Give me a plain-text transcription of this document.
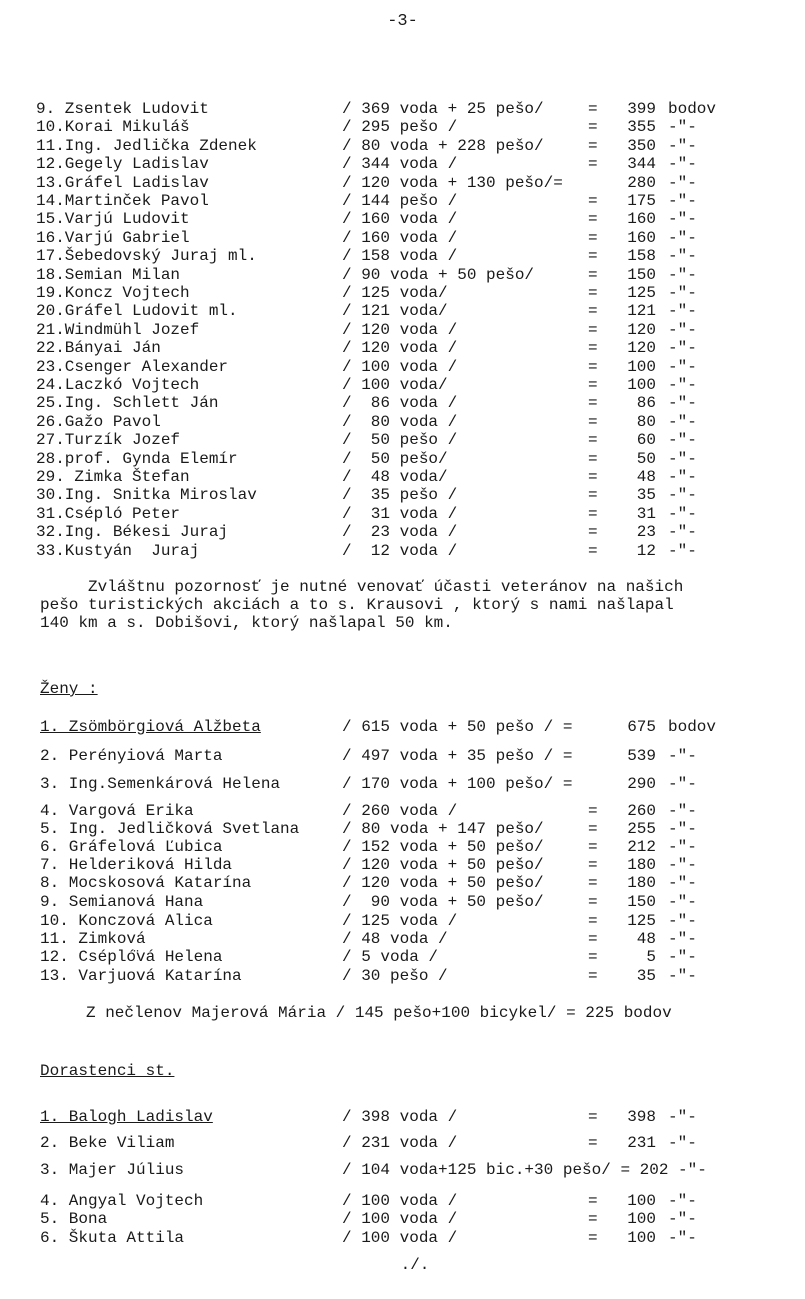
-3-
9. Zsentek Ludovit	/ 369 voda + 25 pešo/	=	399 bodov
10.Korai Mikuláš	/ 295 pešo /	=	355 -"-
11.Ing. Jedlička Zdenek	/ 80 voda + 228 pešo/	=	350 -"-
12.Gegely Ladislav	/ 344 voda /	=	344 -"-
13.Gráfel Ladislav	/ 120 voda + 130 pešo/=	280 -"-
14.Martinček Pavol	/ 144 pešo /	=	175 -"-
15.Varjú Ludovit	/ 160 voda /	=	160 -"-
16.Varjú Gabriel	/ 160 voda /	=	160 -"-
17.Šebedovský Juraj ml.	/ 158 voda /	=	158 -"-
18.Semian Milan	/ 90 voda + 50 pešo/	=	150 -"-
19.Koncz Vojtech	/ 125 voda/	=	125 -"-
20.Gráfel Ludovit ml.	/ 121 voda/	=	121 -"-
21.Windmühl Jozef	/ 120 voda /	=	120 -"-
22.Bányai Ján	/ 120 voda /	=	120 -"-
23.Csenger Alexander	/ 100 voda /	=	100 -"-
24.Laczkó Vojtech	/ 100 voda/	=	100 -"-
25.Ing. Schlett Ján	/  86 voda /	=	86 -"-
26.Gažo Pavol	/  80 voda /	=	80 -"-
27.Turzík Jozef	/  50 pešo /	=	60 -"-
28.prof. Gynda Elemír	/  50 pešo/	=	50 -"-
29. Zimka Štefan	/  48 voda/	=	48 -"-
30.Ing. Snitka Miroslav	/  35 pešo /	=	35 -"-
31.Csépló Peter	/  31 voda /	=	31 -"-
32.Ing. Békesi Juraj	/  23 voda /	=	23 -"-
33.Kustyán  Juraj	/  12 voda /	=	12 -"-
Zvláštnu pozornosť je nutné venovať účasti veteránov na našich
pešo turistických akciách a to s. Krausovi , ktorý s nami našlapal
140 km a s. Dobišovi, ktorý našlapal 50 km.
Ženy :
1. Zsömbörgiová Alžbeta	/ 615 voda + 50 pešo / =	675 bodov
2. Perényiová Marta	/ 497 voda + 35 pešo / =	539 -"-
3. Ing.Semenkárová Helena	/ 170 voda + 100 pešo/ =	290 -"-
4. Vargová Erika	/ 260 voda /	=	260 -"-
5. Ing. Jedličková Svetlana	/ 80 voda + 147 pešo/	=	255 -"-
6. Gráfelová Ľubica	/ 152 voda + 50 pešo/	=	212 -"-
7. Helderiková Hilda	/ 120 voda + 50 pešo/	=	180 -"-
8. Mocskosová Katarína	/ 120 voda + 50 pešo/	=	180 -"-
9. Semianová Hana	/  90 voda + 50 pešo/	=	150 -"-
10. Konczová Alica	/ 125 voda /	=	125 -"-
11. Zimková	/ 48 voda /	=	48 -"-
12. Csépló̈vá Helena	/ 5 voda /	=	5 -"-
13. Varjuová Katarína	/ 30 pešo /	=	35 -"-
Z nečlenov Majerová Mária / 145 pešo+100 bicykel/ = 225 bodov
Dorastenci st.
1. Balogh Ladislav	/ 398 voda /	=	398 -"-
2. Beke Viliam	/ 231 voda /	=	231 -"-
3. Majer Július	/ 104 voda+125 bic.+30 pešo/ = 202 -"-
4. Angyal Vojtech	/ 100 voda /	=	100 -"-
5. Bona	/ 100 voda /	=	100 -"-
6. Škuta Attila	/ 100 voda /	=	100 -"-
./.
